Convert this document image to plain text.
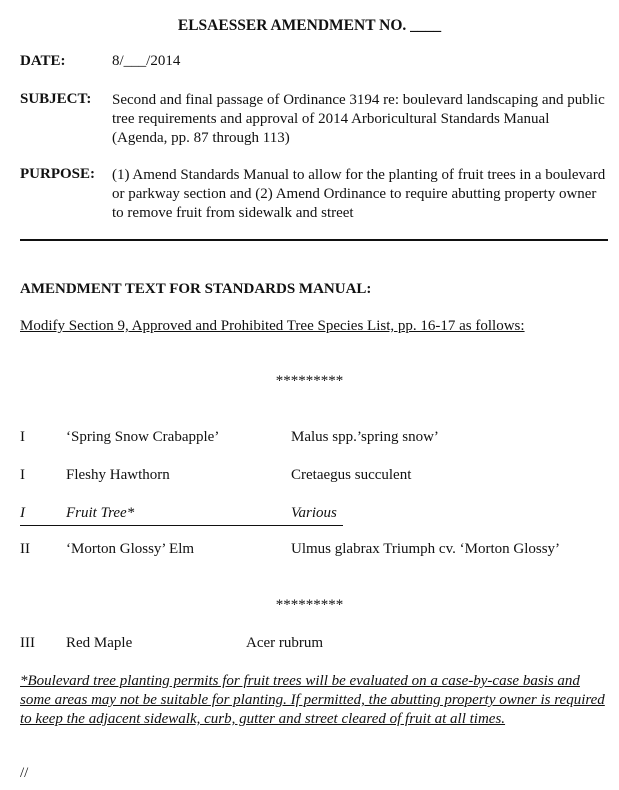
ELSAESSER AMENDMENT NO. ____
DATE:	8/___/2014
SUBJECT: Second and final passage of Ordinance 3194 re: boulevard landscaping and public tree requirements and approval of 2014 Arboricultural Standards Manual (Agenda, pp. 87 through 113)
PURPOSE: (1) Amend Standards Manual to allow for the planting of fruit trees in a boulevard or parkway section and (2) Amend Ordinance to require abutting property owner to remove fruit from sidewalk and street
AMENDMENT TEXT FOR STANDARDS MANUAL:
Modify Section 9, Approved and Prohibited Tree Species List, pp. 16-17 as follows:
*********
I	‘Spring Snow Crabapple’	Malus spp.’spring snow’
I	Fleshy Hawthorn	Cretaegus succulent
I	Fruit Tree*	Various
II ‘Morton Glossy’ Elm	Ulmus glabrax Triumph cv. ‘Morton Glossy’
*********
III Red Maple	Acer rubrum
*Boulevard tree planting permits for fruit trees will be evaluated on a case-by-case basis and some areas may not be suitable for planting. If permitted, the abutting property owner is required to keep the adjacent sidewalk, curb, gutter and street cleared of fruit at all times.
//
